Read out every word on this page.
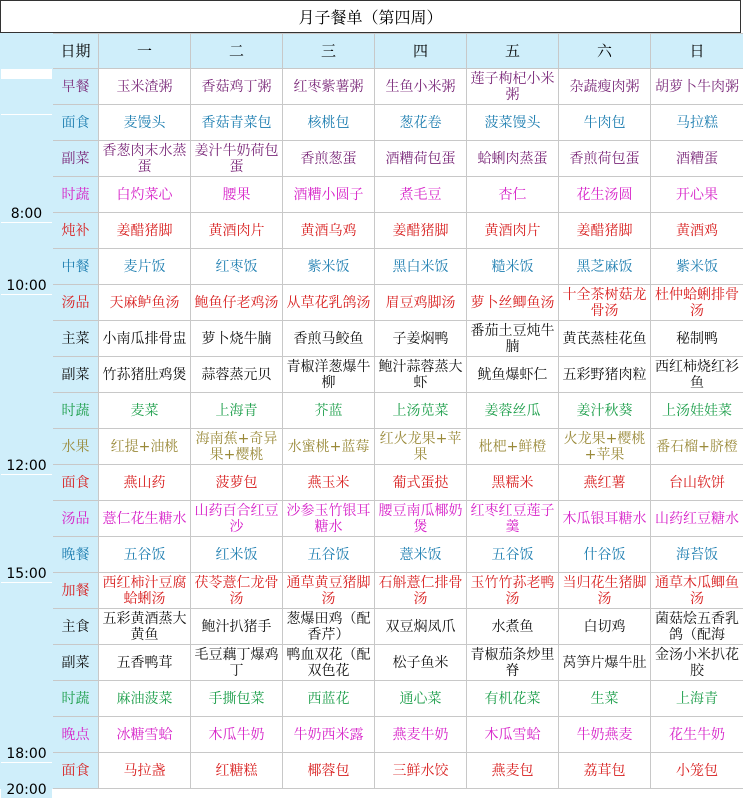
月子餐单（第四周）
	日期	一	二	三	四	五	六	日
	早餐	玉米渣粥	香菇鸡丁粥	红枣紫薯粥	生鱼小米粥	莲子枸杞小米粥	杂蔬瘦肉粥	胡萝卜牛肉粥
8:00	面食	麦馒头	香菇青菜包	核桃包	葱花卷	菠菜馒头	牛肉包	马拉糕
	副菜	香葱肉末水蒸蛋	姜汁牛奶荷包蛋	香煎葱蛋	酒糟荷包蛋	蛤蜊肉蒸蛋	香煎荷包蛋	酒糟蛋
	时蔬	白灼菜心	腰果	酒糟小圆子	煮毛豆	杏仁	花生汤圆	开心果
10:00	炖补	姜醋猪脚	黄酒肉片	黄酒乌鸡	姜醋猪脚	黄酒肉片	姜醋猪脚	黄酒鸡
	中餐	麦片饭	红枣饭	紫米饭	黑白米饭	糙米饭	黑芝麻饭	紫米饭
12:00	汤品	天麻鲈鱼汤	鲍鱼仔老鸡汤	从草花乳鸽汤	眉豆鸡脚汤	萝卜丝鲫鱼汤	十全茶树菇龙骨汤	杜仲蛤蜊排骨汤
	主菜	小南瓜排骨盅	萝卜烧牛腩	香煎马鲛鱼	子姜焖鸭	番茄土豆炖牛腩	黄芪蒸桂花鱼	秘制鸭
	副菜	竹荪猪肚鸡煲	蒜蓉蒸元贝	青椒洋葱爆牛柳	鲍汁蒜蓉蒸大虾	鱿鱼爆虾仁	五彩野猪肉粒	西红柿烧红衫鱼
	时蔬	麦菜	上海青	芥蓝	上汤苋菜	姜蓉丝瓜	姜汁秋葵	上汤娃娃菜
	水果	红提+油桃	海南蕉+奇异果+樱桃	水蜜桃+蓝莓	红火龙果+苹果	枇杷+鲜橙	火龙果+樱桃+苹果	番石榴+脐橙
15:00	面食	燕山药	菠萝包	燕玉米	葡式蛋挞	黑糯米	燕红薯	台山软饼
	汤品	薏仁花生糖水	山药百合红豆沙	沙参玉竹银耳糖水	腰豆南瓜椰奶煲	红枣红豆莲子羹	木瓜银耳糖水	山药红豆糖水
	晚餐	五谷饭	红米饭	五谷饭	薏米饭	五谷饭	什谷饭	海苔饭
18:00	加餐	西红柿汁豆腐蛤蜊汤	茯苓薏仁龙骨汤	通草黄豆猪脚汤	石斛薏仁排骨汤	玉竹竹荪老鸭汤	当归花生猪脚汤	通草木瓜鲫鱼汤
	主食	五彩黄酒蒸大黄鱼	鲍汁扒猪手	葱爆田鸡（配香芹）	双豆焖凤爪	水煮鱼	白切鸡	菌菇烩五香乳鸽（配海
	副菜	五香鸭茸	毛豆藕丁爆鸡丁	鸭血双花（配双色花	松子鱼米	青椒茄条炒里脊	莴笋片爆牛肚	金汤小米扒花胶
	时蔬	麻油菠菜	手撕包菜	西蓝花	通心菜	有机花菜	生菜	上海青
	晚点	冰糖雪蛤	木瓜牛奶	牛奶西米露	燕麦牛奶	木瓜雪蛤	牛奶燕麦	花生牛奶
20:00	面食	马拉盏	红糖糕	椰蓉包	三鲜水饺	燕麦包	荔茸包	小笼包
